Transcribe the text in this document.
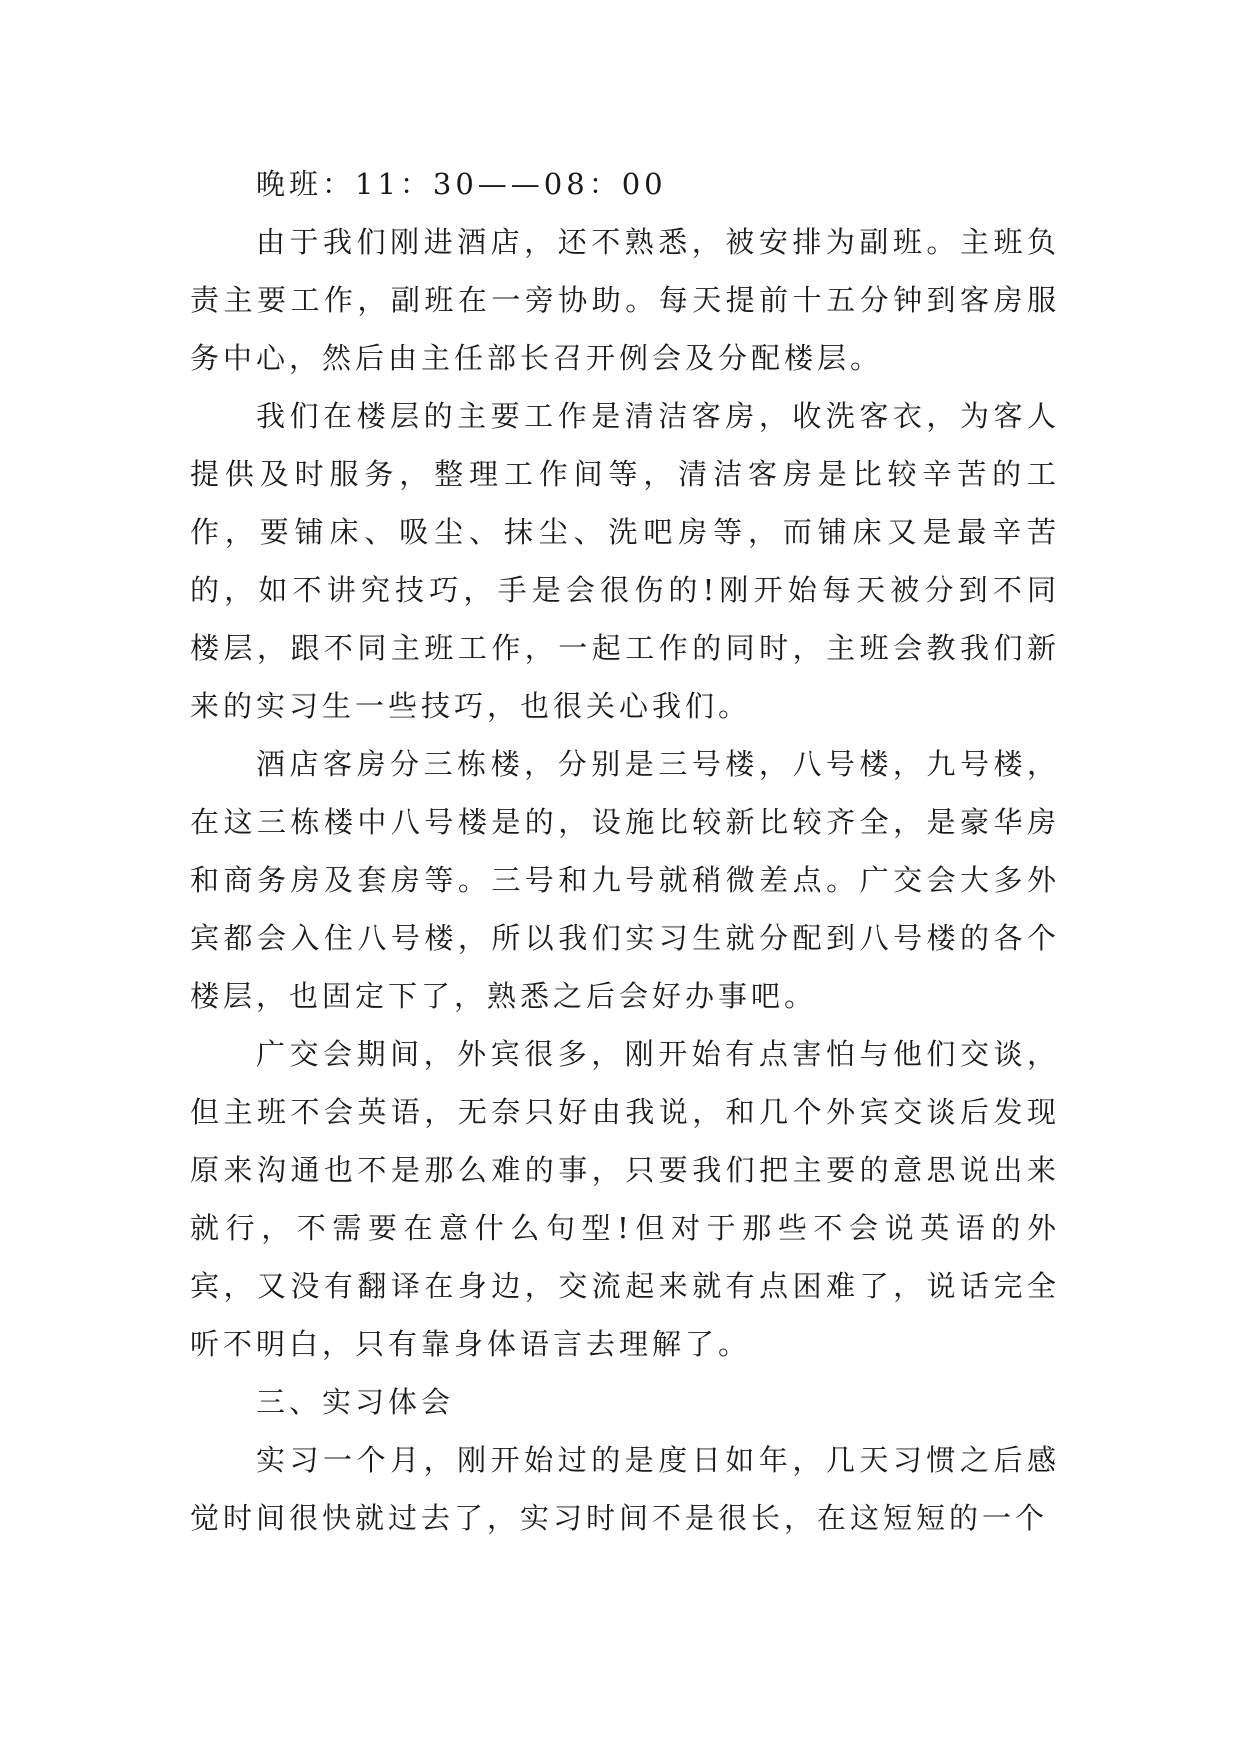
晚班：11：30——08：00

由于我们刚进酒店，还不熟悉，被安排为副班。主班负责主要工作，副班在一旁协助。每天提前十五分钟到客房服务中心，然后由主任部长召开例会及分配楼层。

我们在楼层的主要工作是清洁客房，收洗客衣，为客人提供及时服务，整理工作间等，清洁客房是比较辛苦的工作，要铺床、吸尘、抹尘、洗吧房等，而铺床又是最辛苦的，如不讲究技巧，手是会很伤的!刚开始每天被分到不同楼层，跟不同主班工作，一起工作的同时，主班会教我们新来的实习生一些技巧，也很关心我们。

酒店客房分三栋楼，分别是三号楼，八号楼，九号楼，在这三栋楼中八号楼是的，设施比较新比较齐全，是豪华房和商务房及套房等。三号和九号就稍微差点。广交会大多外宾都会入住八号楼，所以我们实习生就分配到八号楼的各个楼层，也固定下了，熟悉之后会好办事吧。

广交会期间，外宾很多，刚开始有点害怕与他们交谈，但主班不会英语，无奈只好由我说，和几个外宾交谈后发现原来沟通也不是那么难的事，只要我们把主要的意思说出来就行，不需要在意什么句型!但对于那些不会说英语的外宾，又没有翻译在身边，交流起来就有点困难了，说话完全听不明白，只有靠身体语言去理解了。

三、实习体会

实习一个月，刚开始过的是度日如年，几天习惯之后感觉时间很快就过去了，实习时间不是很长，在这短短的一个
